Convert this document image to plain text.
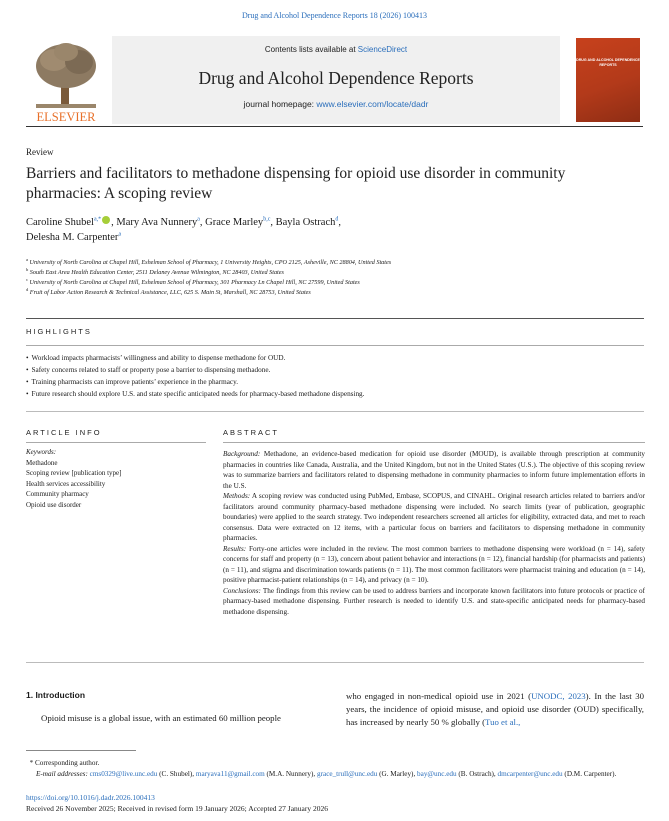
Drug and Alcohol Dependence Reports 18 (2026) 100413
ELSEVIER
Contents lists available at ScienceDirect
Drug and Alcohol Dependence Reports
journal homepage: www.elsevier.com/locate/dadr
DRUG AND ALCOHOL DEPENDENCE REPORTS
Review
Barriers and facilitators to methadone dispensing for opioid use disorder in community pharmacies: A scoping review
Caroline Shubel$^{a,*}$ , Mary Ava Nunnery$^a$, Grace Marley$^{b,c}$, Bayla Ostrach$^d$,
Delesha M. Carpenter$^a$
$^a$ University of North Carolina at Chapel Hill, Eshelman School of Pharmacy, 1 University Heights, CPO 2125, Asheville, NC 28804, United States
$^b$ South East Area Health Education Center, 2511 Delaney Avenue Wilmington, NC 28403, United States
$^c$ University of North Carolina at Chapel Hill, Eshelman School of Pharmacy, 301 Pharmacy Ln Chapel Hill, NC 27599, United States
$^d$ Fruit of Labor Action Research & Technical Assistance, LLC, 625 S. Main St, Marshall, NC 28753, United States
HIGHLIGHTS
• Workload impacts pharmacists’ willingness and ability to dispense methadone for OUD.
• Safety concerns related to staff or property pose a barrier to dispensing methadone.
• Training pharmacists can improve patients’ experience in the pharmacy.
• Future research should explore U.S. and state specific anticipated needs for pharmacy-based methadone dispensing.
ARTICLE INFO	ABSTRACT
Keywords:
Methadone
Scoping review [publication type]
Health services accessibility
Community pharmacy
Opioid use disorder
Background: Methadone, an evidence-based medication for opioid use disorder (MOUD), is available through prescription at community pharmacies in countries like Canada, Australia, and the United Kingdom, but not in the United States (U.S.). The objective of this scoping review was to summarize barriers and facilitators related to dispensing methadone in community pharmacies to inform future implementation efforts in the U.S.
Methods: A scoping review was conducted using PubMed, Embase, SCOPUS, and CINAHL. Original research articles related to barriers and/or facilitators around community pharmacy-based methadone dispensing were included. No search limits (year of publication, geographic boundaries) were applied to the search strategy. Two independent researchers screened all articles for eligibility, extracted data, and met to reach consensus. Data were extracted on 12 items, with a particular focus on barriers and facilitators to dispensing methadone in community pharmacies.
Results: Forty-one articles were included in the review. The most common barriers to methadone dispensing were workload (n = 14), safety concerns for staff and property (n = 13), concern about patient behavior and interactions (n = 12), financial hardship (for pharmacists and patients) (n = 11), and stigma and discrimination towards patients (n = 11). The most common facilitators were pharmacist training and education (n = 14), positive pharmacist-patient relationships (n = 14), and privacy (n = 10).
Conclusions: The findings from this review can be used to address barriers and incorporate known facilitators into future protocols or practice of pharmacy-based methadone dispensing. Further research is needed to identify U.S. and state-specific anticipated needs for pharmacy-based methadone dispensing.
1. Introduction
Opioid misuse is a global issue, with an estimated 60 million people
who engaged in non-medical opioid use in 2021 (UNODC, 2023). In the last 30 years, the incidence of opioid misuse, and opioid use disorder (OUD) specifically, has increased by nearly 50 % globally (Tuo et al.,
* Corresponding author.
E-mail addresses: cms0329@live.unc.edu (C. Shubel), maryava11@gmail.com (M.A. Nunnery), grace_trull@unc.edu (G. Marley), bay@unc.edu (B. Ostrach), dmcarpenter@unc.edu (D.M. Carpenter).
https://doi.org/10.1016/j.dadr.2026.100413
Received 26 November 2025; Received in revised form 19 January 2026; Accepted 27 January 2026
